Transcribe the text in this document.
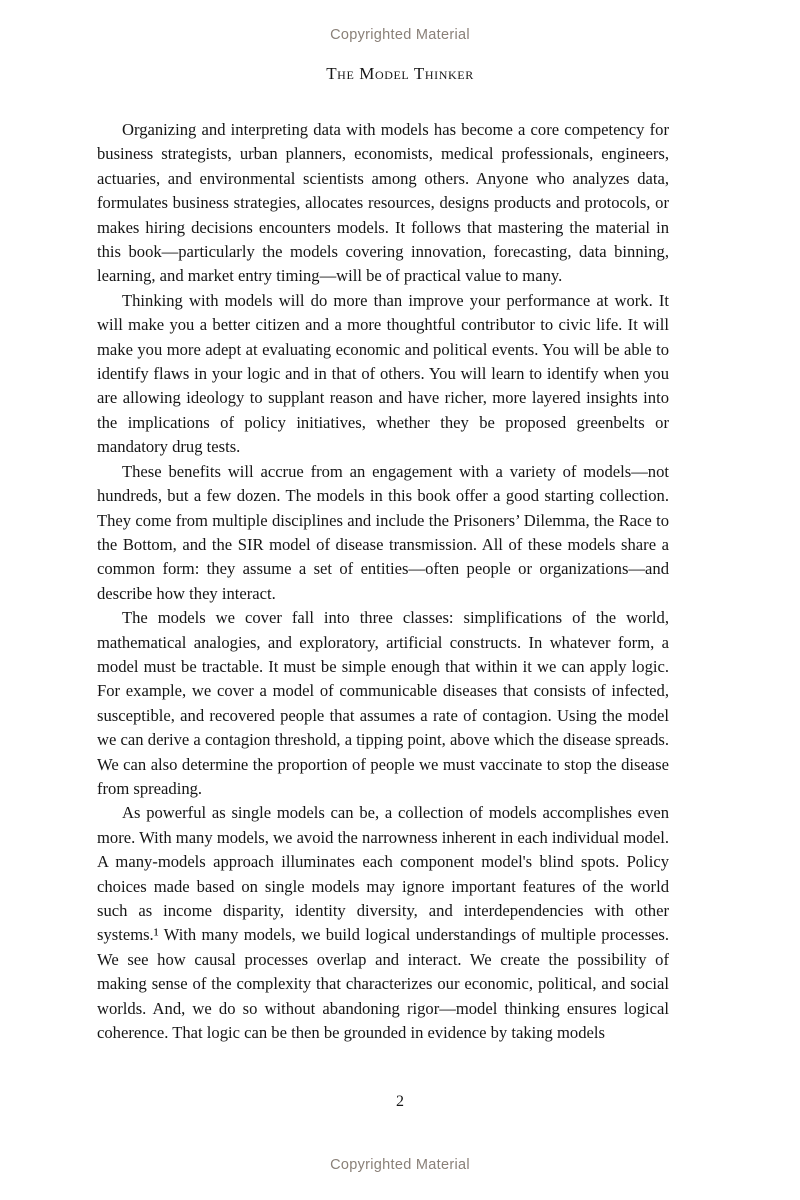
Copyrighted Material
The Model Thinker

Organizing and interpreting data with models has become a core competency for business strategists, urban planners, economists, medical professionals, engineers, actuaries, and environmental scientists among others. Anyone who analyzes data, formulates business strategies, allocates resources, designs products and protocols, or makes hiring decisions encounters models. It follows that mastering the material in this book—particularly the models covering innovation, forecasting, data binning, learning, and market entry timing—will be of practical value to many.

Thinking with models will do more than improve your performance at work. It will make you a better citizen and a more thoughtful contributor to civic life. It will make you more adept at evaluating economic and political events. You will be able to identify flaws in your logic and in that of others. You will learn to identify when you are allowing ideology to supplant reason and have richer, more layered insights into the implications of policy initiatives, whether they be proposed greenbelts or mandatory drug tests.

These benefits will accrue from an engagement with a variety of models—not hundreds, but a few dozen. The models in this book offer a good starting collection. They come from multiple disciplines and include the Prisoners’ Dilemma, the Race to the Bottom, and the SIR model of disease transmission. All of these models share a common form: they assume a set of entities—often people or organizations—and describe how they interact.

The models we cover fall into three classes: simplifications of the world, mathematical analogies, and exploratory, artificial constructs. In whatever form, a model must be tractable. It must be simple enough that within it we can apply logic. For example, we cover a model of communicable diseases that consists of infected, susceptible, and recovered people that assumes a rate of contagion. Using the model we can derive a contagion threshold, a tipping point, above which the disease spreads. We can also determine the proportion of people we must vaccinate to stop the disease from spreading.

As powerful as single models can be, a collection of models accomplishes even more. With many models, we avoid the narrowness inherent in each individual model. A many-models approach illuminates each component model's blind spots. Policy choices made based on single models may ignore important features of the world such as income disparity, identity diversity, and interdependencies with other systems.¹ With many models, we build logical understandings of multiple processes. We see how causal processes overlap and interact. We create the possibility of making sense of the complexity that characterizes our economic, political, and social worlds. And, we do so without abandoning rigor—model thinking ensures logical coherence. That logic can be then be grounded in evidence by taking models

2
Copyrighted Material
